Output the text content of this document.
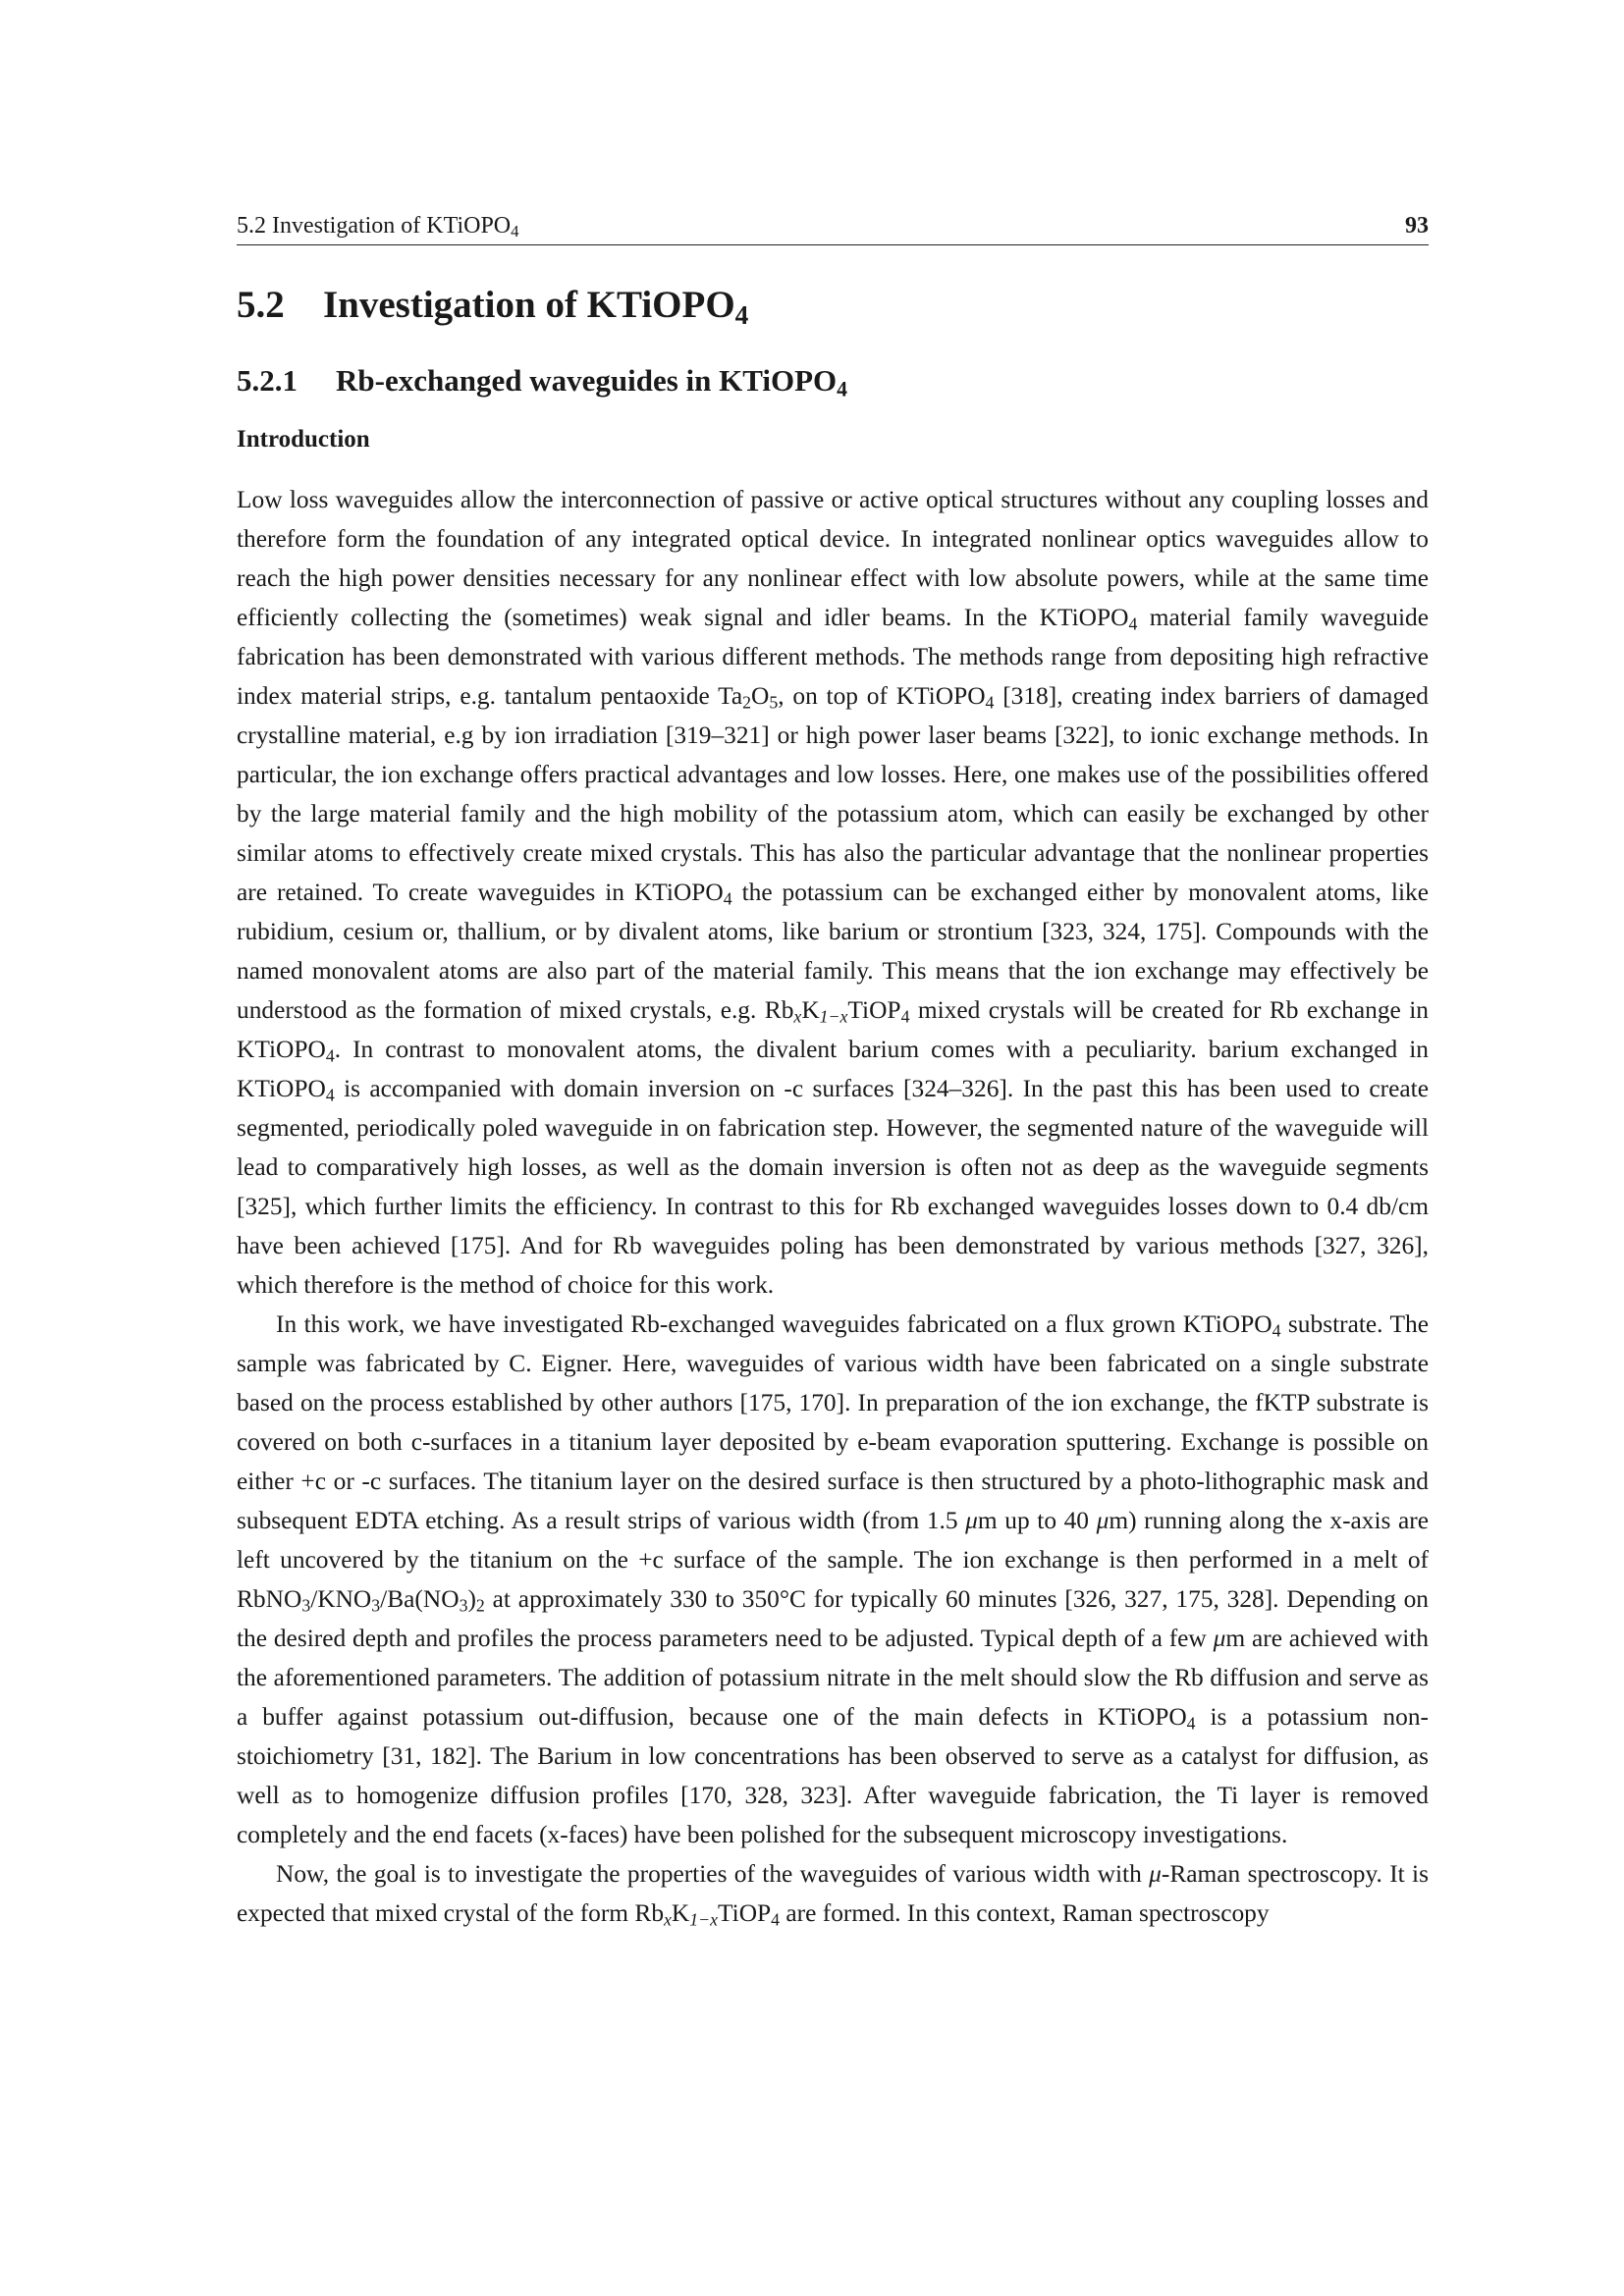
5.2 Investigation of KTiOPO$_4$	93
5.2 Investigation of KTiOPO$_4$
5.2.1 Rb-exchanged waveguides in KTiOPO$_4$
Introduction

Low loss waveguides allow the interconnection of passive or active optical structures without any coupling losses and therefore form the foundation of any integrated optical device. In integrated nonlinear optics waveguides allow to reach the high power densities necessary for any nonlinear effect with low absolute powers, while at the same time efficiently collecting the (sometimes) weak signal and idler beams. In the KTiOPO$_4$ material family waveguide fabrication has been demonstrated with various different methods. The methods range from depositing high refractive index material strips, e.g. tantalum pentaoxide $Ta_2O_5$, on top of KTiOPO$_4$ [318], creating index barriers of damaged crystalline material, e.g by ion irradiation [319–321] or high power laser beams [322], to ionic exchange methods. In particular, the ion exchange offers practical advantages and low losses. Here, one makes use of the possibilities offered by the large material family and the high mobility of the potassium atom, which can easily be exchanged by other similar atoms to effectively create mixed crystals. This has also the particular advantage that the nonlinear properties are retained. To create waveguides in KTiOPO$_4$ the potassium can be exchanged either by monovalent atoms, like rubidium, cesium or, thallium, or by divalent atoms, like barium or strontium [323, 324, 175]. Compounds with the named monovalent atoms are also part of the material family. This means that the ion exchange may effectively be understood as the formation of mixed crystals, e.g. $Rb_xK_{1-x}TiOP_4$ mixed crystals will be created for Rb exchange in KTiOPO$_4$. In contrast to monovalent atoms, the divalent barium comes with a peculiarity. barium exchanged in KTiOPO$_4$ is accompanied with domain inversion on -c surfaces [324–326]. In the past this has been used to create segmented, periodically poled waveguide in on fabrication step. However, the segmented nature of the waveguide will lead to comparatively high losses, as well as the domain inversion is often not as deep as the waveguide segments [325], which further limits the efficiency. In contrast to this for Rb exchanged waveguides losses down to 0.4 db/cm have been achieved [175]. And for Rb waveguides poling has been demonstrated by various methods [327, 326], which therefore is the method of choice for this work.

In this work, we have investigated Rb-exchanged waveguides fabricated on a flux grown KTiOPO$_4$ substrate. The sample was fabricated by C. Eigner. Here, waveguides of various width have been fabricated on a single substrate based on the process established by other authors [175, 170]. In preparation of the ion exchange, the fKTP substrate is covered on both c-surfaces in a titanium layer deposited by e-beam evaporation sputtering. Exchange is possible on either +c or -c surfaces. The titanium layer on the desired surface is then structured by a photo-lithographic mask and subsequent EDTA etching. As a result strips of various width (from 1.5 μm up to 40 μm) running along the x-axis are left uncovered by the titanium on the +c surface of the sample. The ion exchange is then performed in a melt of $RbNO_3/KNO_3/Ba(NO_3)_2$ at approximately 330 to 350°C for typically 60 minutes [326, 327, 175, 328]. Depending on the desired depth and profiles the process parameters need to be adjusted. Typical depth of a few μm are achieved with the aforementioned parameters. The addition of potassium nitrate in the melt should slow the Rb diffusion and serve as a buffer against potassium out-diffusion, because one of the main defects in KTiOPO$_4$ is a potassium non-stoichiometry [31, 182]. The Barium in low concentrations has been observed to serve as a catalyst for diffusion, as well as to homogenize diffusion profiles [170, 328, 323]. After waveguide fabrication, the Ti layer is removed completely and the end facets (x-faces) have been polished for the subsequent microscopy investigations.

Now, the goal is to investigate the properties of the waveguides of various width with μ-Raman spectroscopy. It is expected that mixed crystal of the form $Rb_xK_{1-x}TiOP_4$ are formed. In this context, Raman spectroscopy
